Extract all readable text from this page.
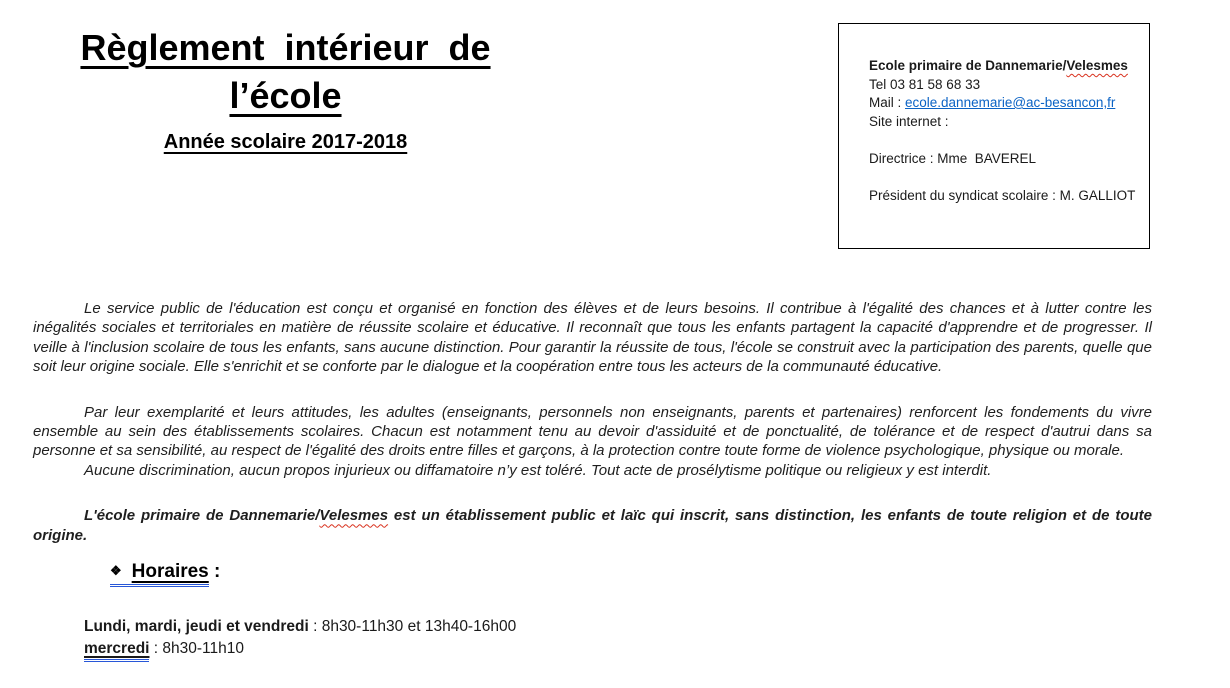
Règlement intérieur de
l’école
Année scolaire 2017-2018
Ecole primaire de Dannemarie/Velesmes
Tel 03 81 58 68 33
Mail : ecole.dannemarie@ac-besancon,fr
Site internet :
Directrice : Mme  BAVEREL
Président du syndicat scolaire : M. GALLIOT

Le service public de l'éducation est conçu et organisé en fonction des élèves et de leurs besoins. Il contribue à l'égalité des chances et à lutter contre les inégalités sociales et territoriales en matière de réussite scolaire et éducative. Il reconnaît que tous les enfants partagent la capacité d'apprendre et de progresser. Il veille à l'inclusion scolaire de tous les enfants, sans aucune distinction. Pour garantir la réussite de tous, l'école se construit avec la participation des parents, quelle que soit leur origine sociale. Elle s'enrichit et se conforte par le dialogue et la coopération entre tous les acteurs de la communauté éducative.

Par leur exemplarité et leurs attitudes, les adultes (enseignants, personnels non enseignants, parents et partenaires) renforcent les fondements du vivre ensemble au sein des établissements scolaires. Chacun est notamment tenu au devoir d'assiduité et de ponctualité, de tolérance et de respect d'autrui dans sa personne et sa sensibilité, au respect de l'égalité des droits entre filles et garçons, à la protection contre toute forme de violence psychologique, physique ou morale.

Aucune discrimination, aucun propos injurieux ou diffamatoire n’y est toléré. Tout acte de prosélytisme politique ou religieux y est interdit.

L'école primaire de Dannemarie/Velesmes est un établissement public et laïc qui inscrit, sans distinction, les enfants de toute religion et de toute origine.

❖ Horaires :
Lundi, mardi, jeudi et vendredi : 8h30-11h30 et 13h40-16h00
mercredi : 8h30-11h10
